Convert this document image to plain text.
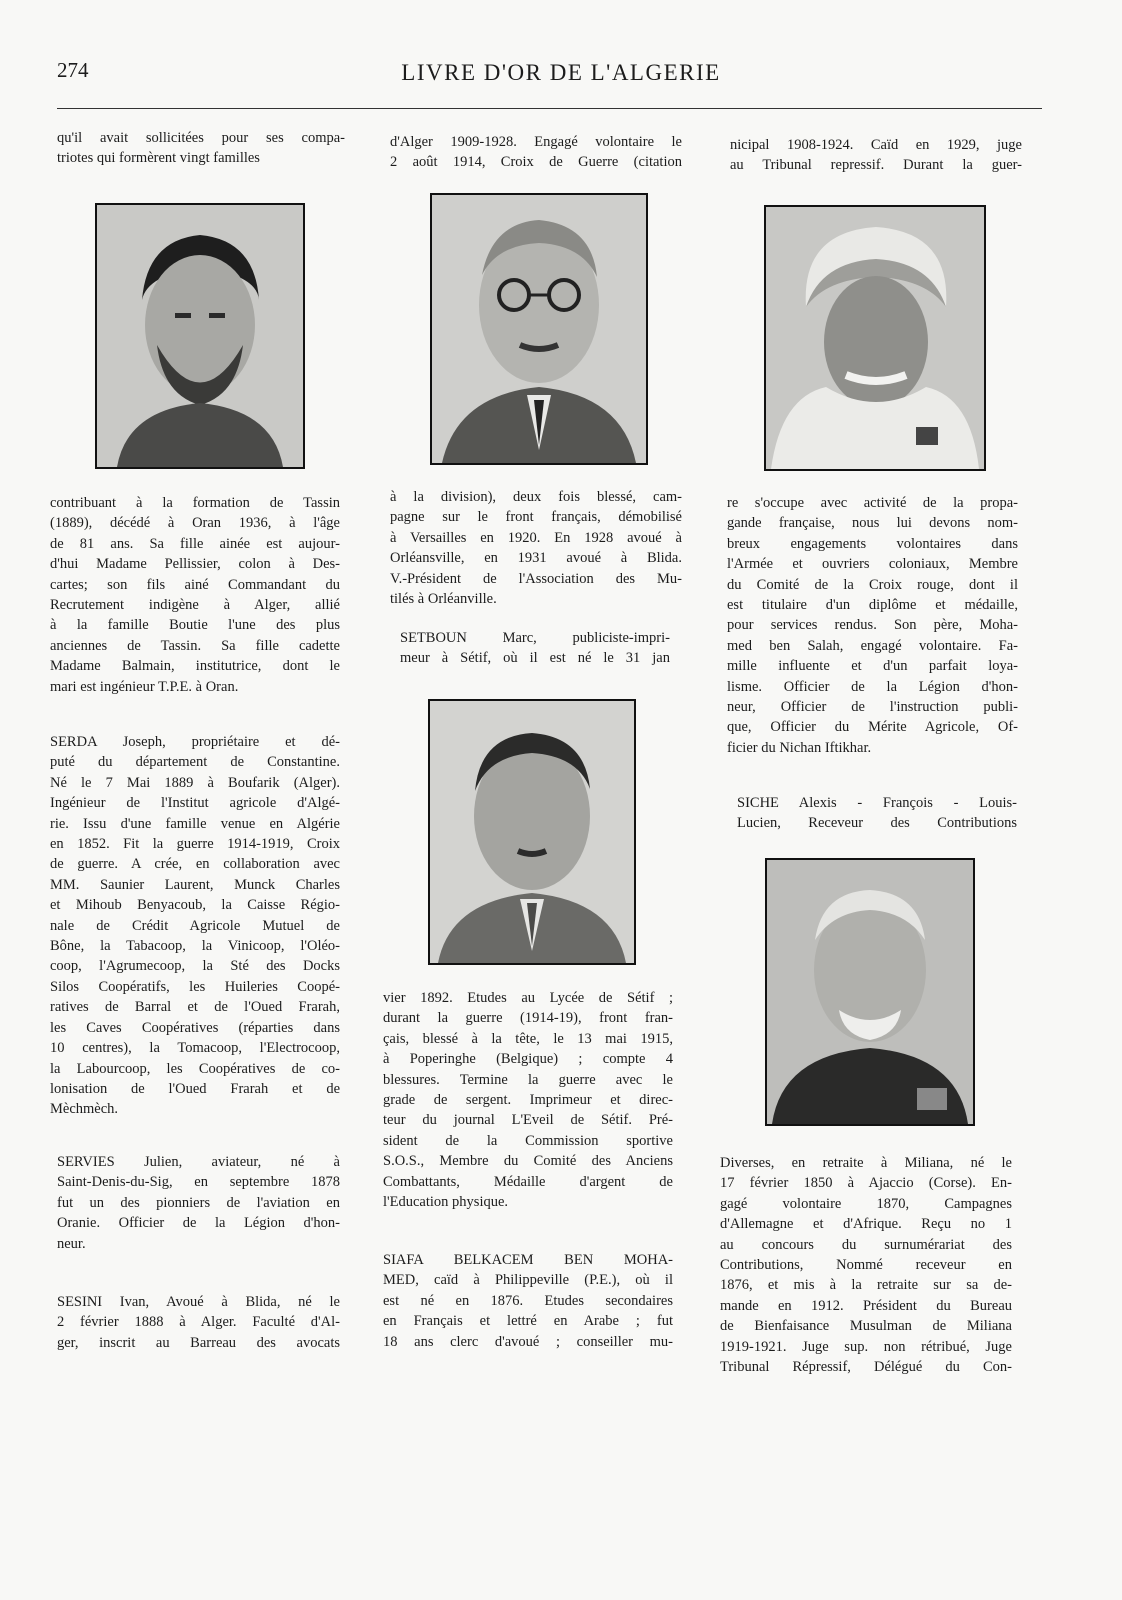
274	LIVRE D'OR DE L'ALGERIE
qu'il avait sollicitées pour ses compa-
triotes qui formèrent vingt familles
contribuant à la formation de Tassin
(1889), décédé à Oran 1936, à l'âge
de 81 ans. Sa fille ainée est aujour-
d'hui Madame Pellissier, colon à Des-
cartes; son fils ainé Commandant du
Recrutement indigène à Alger, allié
à la famille Boutie l'une des plus
anciennes de Tassin. Sa fille cadette
Madame Balmain, institutrice, dont le
mari est ingénieur T.P.E. à Oran.
SERDA Joseph, propriétaire et dé-
puté du département de Constantine.
Né le 7 Mai 1889 à Boufarik (Alger).
Ingénieur de l'Institut agricole d'Algé-
rie. Issu d'une famille venue en Algérie
en 1852. Fit la guerre 1914-1919, Croix
de guerre. A crée, en collaboration avec
MM. Saunier Laurent, Munck Charles
et Mihoub Benyacoub, la Caisse Régio-
nale de Crédit Agricole Mutuel de
Bône, la Tabacoop, la Vinicoop, l'Oléo-
coop, l'Agrumecoop, la Sté des Docks
Silos Coopératifs, les Huileries Coopé-
ratives de Barral et de l'Oued Frarah,
les Caves Coopératives (réparties dans
10 centres), la Tomacoop, l'Electrocoop,
la Labourcoop, les Coopératives de co-
lonisation de l'Oued Frarah et de
Mèchmèch.
SERVIES Julien, aviateur, né à
Saint-Denis-du-Sig, en septembre 1878
fut un des pionniers de l'aviation en
Oranie. Officier de la Légion d'hon-
neur.
SESINI Ivan, Avoué à Blida, né le
2 février 1888 à Alger. Faculté d'Al-
ger, inscrit au Barreau des avocats
d'Alger 1909-1928. Engagé volontaire le
2 août 1914, Croix de Guerre (citation
à la division), deux fois blessé, cam-
pagne sur le front français, démobilisé
à Versailles en 1920. En 1928 avoué à
Orléansville, en 1931 avoué à Blida.
V.-Président de l'Association des Mu-
tilés à Orléanville.
SETBOUN Marc, publiciste-impri-
meur à Sétif, où il est né le 31 jan
vier 1892. Etudes au Lycée de Sétif ;
durant la guerre (1914-19), front fran-
çais, blessé à la tête, le 13 mai 1915,
à Poperinghe (Belgique) ; compte 4
blessures. Termine la guerre avec le
grade de sergent. Imprimeur et direc-
teur du journal L'Eveil de Sétif. Pré-
sident de la Commission sportive
S.O.S., Membre du Comité des Anciens
Combattants, Médaille d'argent de
l'Education physique.
SIAFA BELKACEM BEN MOHA-
MED, caïd à Philippeville (P.E.), où il
est né en 1876. Etudes secondaires
en Français et lettré en Arabe ; fut
18 ans clerc d'avoué ; conseiller mu-
nicipal 1908-1924. Caïd en 1929, juge
au Tribunal repressif. Durant la guer-
re s'occupe avec activité de la propa-
gande française, nous lui devons nom-
breux engagements volontaires dans
l'Armée et ouvriers coloniaux, Membre
du Comité de la Croix rouge, dont il
est titulaire d'un diplôme et médaille,
pour services rendus. Son père, Moha-
med ben Salah, engagé volontaire. Fa-
mille influente et d'un parfait loya-
lisme. Officier de la Légion d'hon-
neur, Officier de l'instruction publi-
que, Officier du Mérite Agricole, Of-
ficier du Nichan Iftikhar.
SICHE Alexis - François - Louis-
Lucien, Receveur des Contributions
Diverses, en retraite à Miliana, né le
17 février 1850 à Ajaccio (Corse). En-
gagé volontaire 1870, Campagnes
d'Allemagne et d'Afrique. Reçu no 1
au concours du surnumérariat des
Contributions, Nommé receveur en
1876, et mis à la retraite sur sa de-
mande en 1912. Président du Bureau
de Bienfaisance Musulman de Miliana
1919-1921. Juge sup. non rétribué, Juge
Tribunal Répressif, Délégué du Con-
